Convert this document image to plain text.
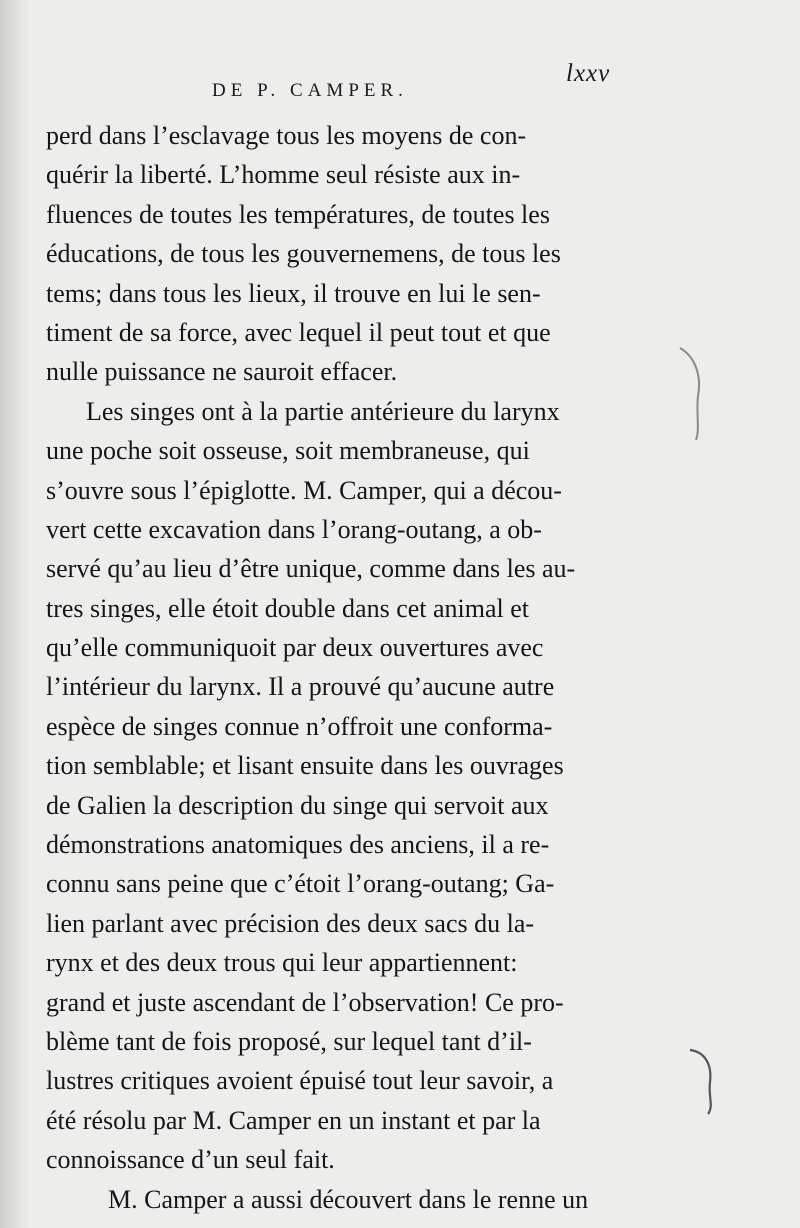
DE P. CAMPER.
lxxv
perd dans l’esclavage tous les moyens de con-
quérir la liberté. L’homme seul résiste aux in-
fluences de toutes les températures, de toutes les
éducations, de tous les gouvernemens, de tous les
tems; dans tous les lieux, il trouve en lui le sen-
timent de sa force, avec lequel il peut tout et que
nulle puissance ne sauroit effacer.
Les singes ont à la partie antérieure du larynx
une poche soit osseuse, soit membraneuse, qui
s’ouvre sous l’épiglotte. M. Camper, qui a décou-
vert cette excavation dans l’orang-outang, a ob-
servé qu’au lieu d’être unique, comme dans les au-
tres singes, elle étoit double dans cet animal et
qu’elle communiquoit par deux ouvertures avec
l’intérieur du larynx. Il a prouvé qu’aucune autre
espèce de singes connue n’offroit une conforma-
tion semblable; et lisant ensuite dans les ouvrages
de Galien la description du singe qui servoit aux
démonstrations anatomiques des anciens, il a re-
connu sans peine que c’étoit l’orang-outang; Ga-
lien parlant avec précision des deux sacs du la-
rynx et des deux trous qui leur appartiennent:
grand et juste ascendant de l’observation! Ce pro-
blème tant de fois proposé, sur lequel tant d’il-
lustres critiques avoient épuisé tout leur savoir, a
été résolu par M. Camper en un instant et par la
connoissance d’un seul fait.
M. Camper a aussi découvert dans le renne un
